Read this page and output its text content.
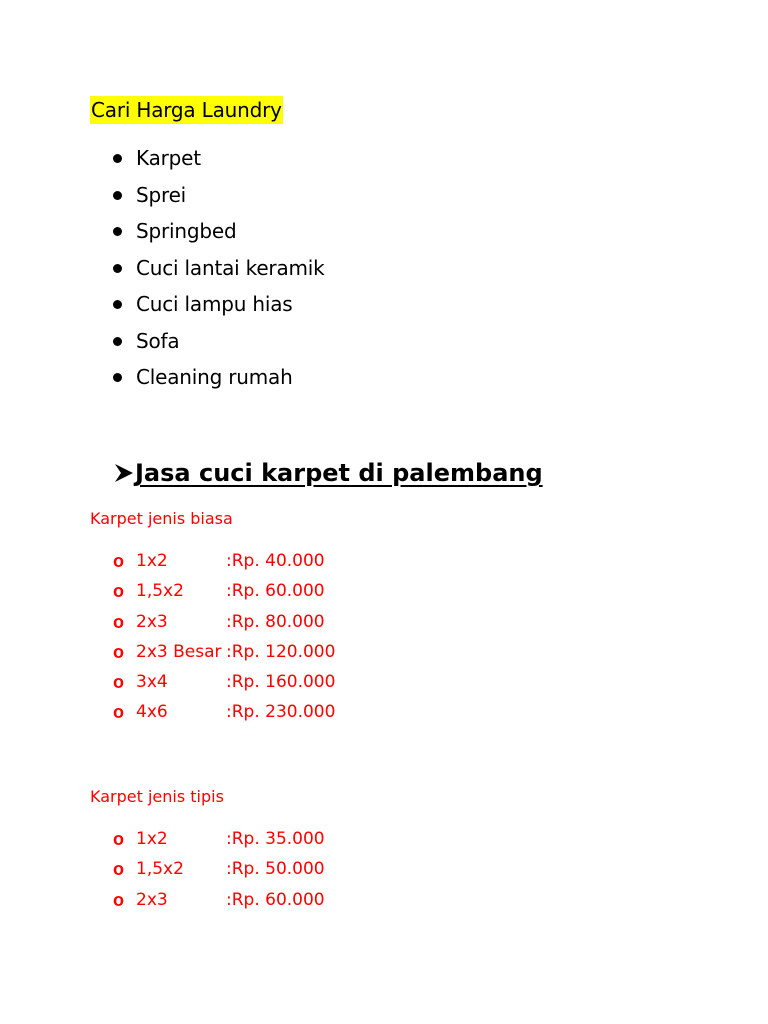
Cari Harga Laundry
Karpet
Sprei
Springbed
Cuci lantai keramik
Cuci lampu hias
Sofa
Cleaning rumah
Jasa cuci karpet di palembang
Karpet jenis biasa
o 1x2	:Rp. 40.000
o 1,5x2 :Rp. 60.000
o 2x3	:Rp. 80.000
o 2x3 Besar :Rp. 120.000
o 3x4	:Rp. 160.000
o 4x6	:Rp. 230.000
Karpet jenis tipis
o 1x2	:Rp. 35.000
o 1,5x2 :Rp. 50.000
o 2x3	:Rp. 60.000
